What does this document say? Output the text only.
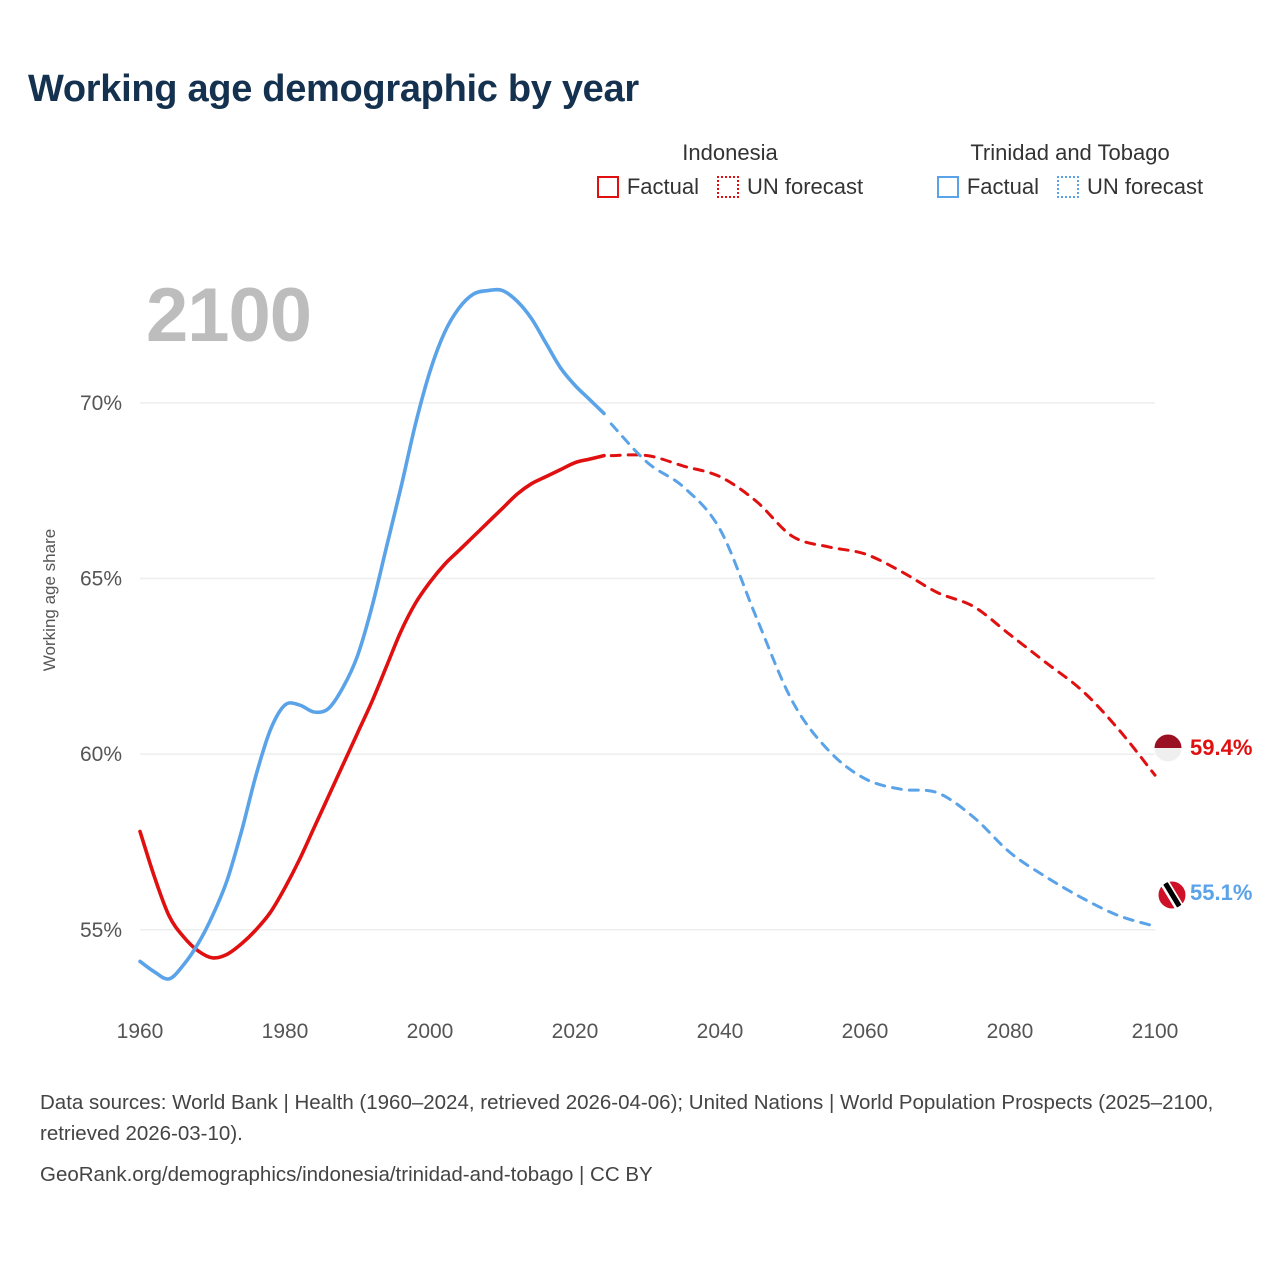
Working age demographic by year
Indonesia	Trinidad and Tobago
Factual UN forecast	Factual UN forecast
2100
Working age share
55%
60%
65%
70%
1960	1980	2000	2020	2040	2060	2080	2100
59.4%
55.1%
Data sources: World Bank | Health (1960–2024, retrieved 2026-04-06); United Nations | World Population Prospects (2025–2100, retrieved 2026-03-10).
GeoRank.org/demographics/indonesia/trinidad-and-tobago | CC BY
